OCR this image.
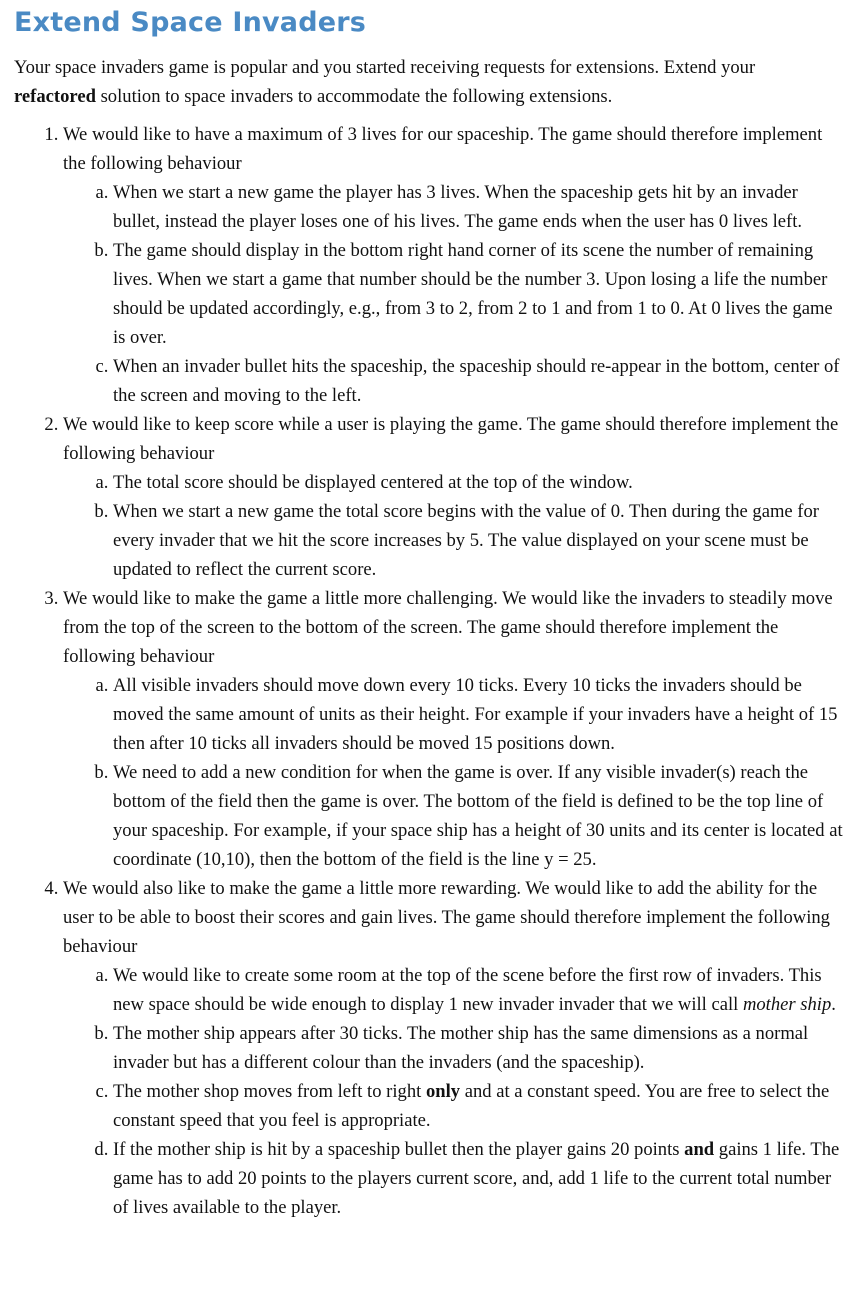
Extend Space Invaders

Your space invaders game is popular and you started receiving requests for extensions. Extend your refactored solution to space invaders to accommodate the following extensions.

1. We would like to have a maximum of 3 lives for our spaceship. The game should therefore implement the following behaviour
a. When we start a new game the player has 3 lives. When the spaceship gets hit by an invader bullet, instead the player loses one of his lives. The game ends when the user has 0 lives left.
b. The game should display in the bottom right hand corner of its scene the number of remaining lives. When we start a game that number should be the number 3. Upon losing a life the number should be updated accordingly, e.g., from 3 to 2, from 2 to 1 and from 1 to 0. At 0 lives the game is over.
c. When an invader bullet hits the spaceship, the spaceship should re-appear in the bottom, center of the screen and moving to the left.
2. We would like to keep score while a user is playing the game. The game should therefore implement the following behaviour
a. The total score should be displayed centered at the top of the window.
b. When we start a new game the total score begins with the value of 0. Then during the game for every invader that we hit the score increases by 5. The value displayed on your scene must be updated to reflect the current score.
3. We would like to make the game a little more challenging. We would like the invaders to steadily move from the top of the screen to the bottom of the screen. The game should therefore implement the following behaviour
a. All visible invaders should move down every 10 ticks. Every 10 ticks the invaders should be moved the same amount of units as their height. For example if your invaders have a height of 15 then after 10 ticks all invaders should be moved 15 positions down.
b. We need to add a new condition for when the game is over. If any visible invader(s) reach the bottom of the field then the game is over. The bottom of the field is defined to be the top line of your spaceship. For example, if your space ship has a height of 30 units and its center is located at coordinate (10,10), then the bottom of the field is the line y = 25.
4. We would also like to make the game a little more rewarding. We would like to add the ability for the user to be able to boost their scores and gain lives. The game should therefore implement the following behaviour
a. We would like to create some room at the top of the scene before the first row of invaders. This new space should be wide enough to display 1 new invader invader that we will call mother ship.
b. The mother ship appears after 30 ticks. The mother ship has the same dimensions as a normal invader but has a different colour than the invaders (and the spaceship).
c. The mother shop moves from left to right only and at a constant speed. You are free to select the constant speed that you feel is appropriate.
d. If the mother ship is hit by a spaceship bullet then the player gains 20 points and gains 1 life. The game has to add 20 points to the players current score, and, add 1 life to the current total number of lives available to the player.
